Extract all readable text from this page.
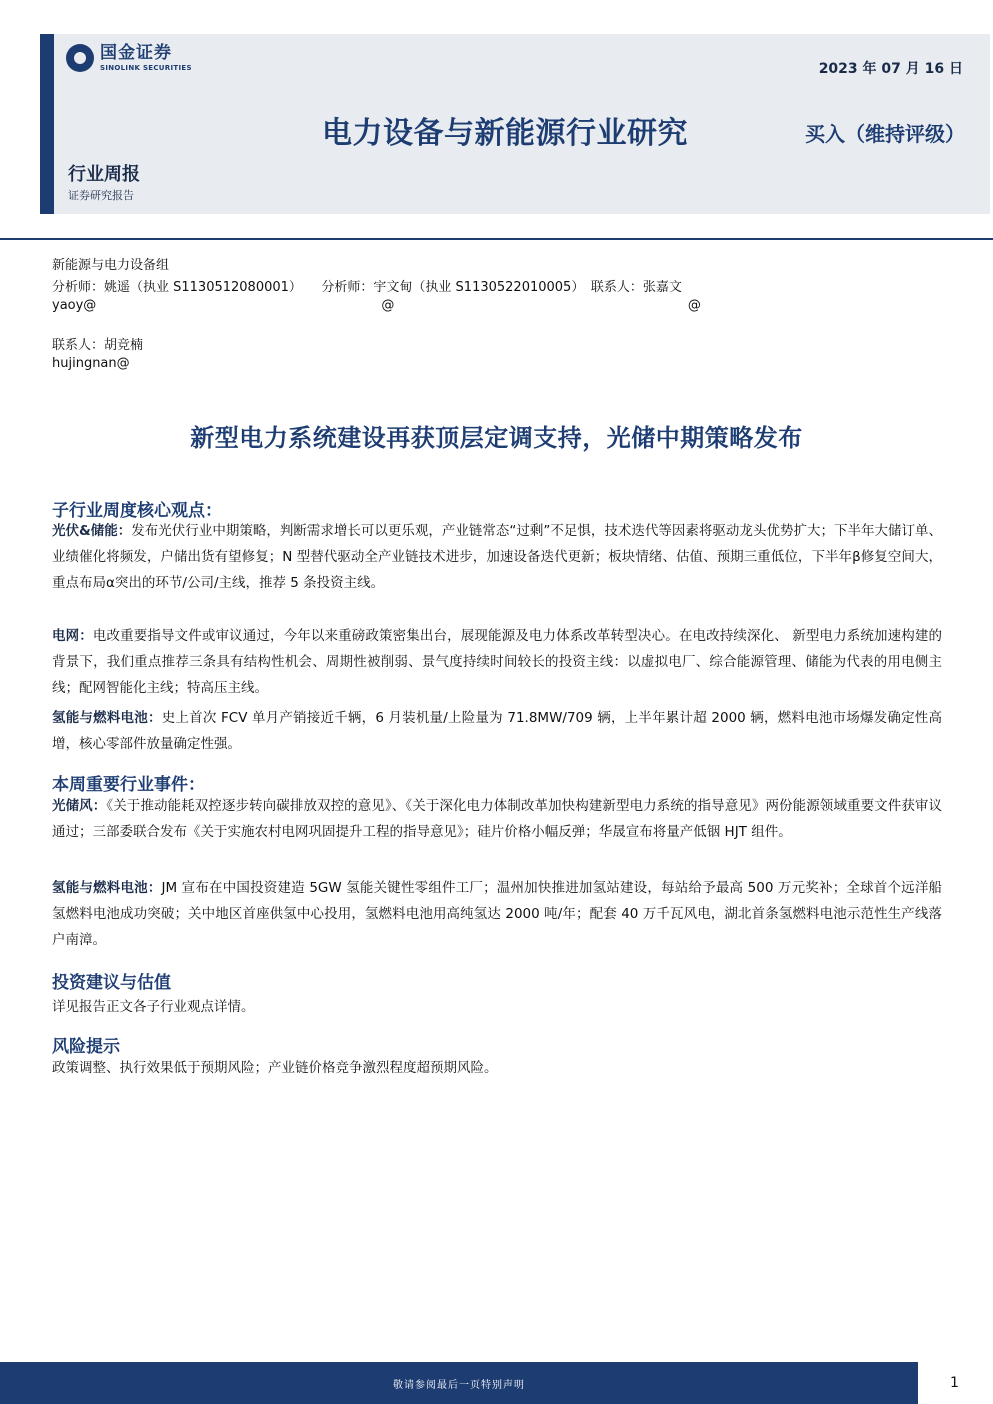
国金证券
SINOLINK SECURITIES	2023 年 07 月 16 日
电力设备与新能源行业研究	买入（维持评级）
行业周报
证券研究报告
新能源与电力设备组
分析师：姚遥（执业 S1130512080001）　　分析师：宇文甸（执业 S1130522010005）　联系人：张嘉文
yaoy@                                                                     @                                                                       @
联系人：胡竞楠
hujingnan@
新型电力系统建设再获顶层定调支持，光储中期策略发布
子行业周度核心观点：
光伏&储能：发布光伏行业中期策略，判断需求增长可以更乐观，产业链常态“过剩”不足惧，技术迭代等因素将驱动龙头优势扩大；下半年大储订单、业绩催化将频发，户储出货有望修复；N 型替代驱动全产业链技术进步，加速设备迭代更新；板块情绪、估值、预期三重低位，下半年β修复空间大，重点布局α突出的环节/公司/主线，推荐 5 条投资主线。
电网：电改重要指导文件或审议通过，今年以来重磅政策密集出台，展现能源及电力体系改革转型决心。在电改持续深化、 新型电力系统加速构建的背景下，我们重点推荐三条具有结构性机会、周期性被削弱、景气度持续时间较长的投资主线：以虚拟电厂、综合能源管理、储能为代表的用电侧主线；配网智能化主线；特高压主线。
氢能与燃料电池：史上首次 FCV 单月产销接近千辆，6 月装机量/上险量为 71.8MW/709 辆，上半年累计超 2000 辆，燃料电池市场爆发确定性高增，核心零部件放量确定性强。
本周重要行业事件：
光储风：《关于推动能耗双控逐步转向碳排放双控的意见》、《关于深化电力体制改革加快构建新型电力系统的指导意见》两份能源领域重要文件获审议通过；三部委联合发布《关于实施农村电网巩固提升工程的指导意见》；硅片价格小幅反弹；华晟宣布将量产低铟 HJT 组件。
氢能与燃料电池：JM 宣布在中国投资建造 5GW 氢能关键性零组件工厂；温州加快推进加氢站建设，每站给予最高 500 万元奖补；全球首个远洋船氢燃料电池成功突破；关中地区首座供氢中心投用，氢燃料电池用高纯氢达 2000 吨/年；配套 40 万千瓦风电，湖北首条氢燃料电池示范性生产线落户南漳。
投资建议与估值
详见报告正文各子行业观点详情。
风险提示
政策调整、执行效果低于预期风险；产业链价格竞争激烈程度超预期风险。
敬请参阅最后一页特别声明	1
